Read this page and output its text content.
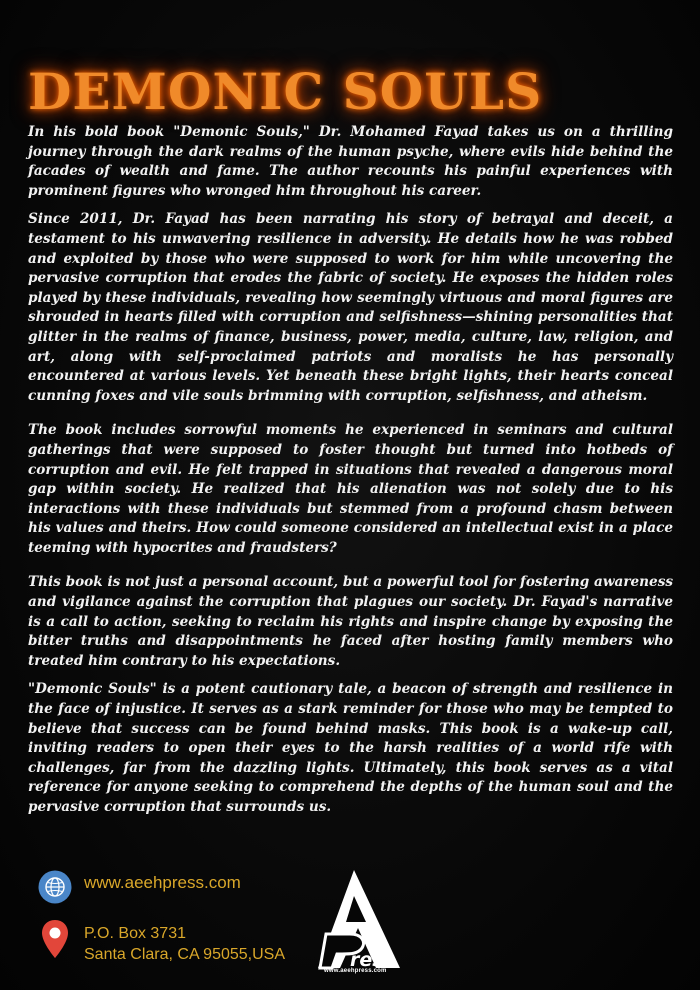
DEMONIC SOULS

In his bold book "Demonic Souls," Dr. Mohamed Fayad takes us on a thrilling journey through the dark realms of the human psyche, where evils hide behind the facades of wealth and fame. The author recounts his painful experiences with prominent figures who wronged him throughout his career.

Since 2011, Dr. Fayad has been narrating his story of betrayal and deceit, a testament to his unwavering resilience in adversity. He details how he was robbed and exploited by those who were supposed to work for him while uncovering the pervasive corruption that erodes the fabric of society. He exposes the hidden roles played by these individuals, revealing how seemingly virtuous and moral figures are shrouded in hearts filled with corruption and selfishness—shining personalities that glitter in the realms of finance, business, power, media, culture, law, religion, and art, along with self-proclaimed patriots and moralists he has personally encountered at various levels. Yet beneath these bright lights, their hearts conceal cunning foxes and vile souls brimming with corruption, selfishness, and atheism.

The book includes sorrowful moments he experienced in seminars and cultural gatherings that were supposed to foster thought but turned into hotbeds of corruption and evil. He felt trapped in situations that revealed a dangerous moral gap within society. He realized that his alienation was not solely due to his interactions with these individuals but stemmed from a profound chasm between his values and theirs. How could someone considered an intellectual exist in a place teeming with hypocrites and fraudsters?

This book is not just a personal account, but a powerful tool for fostering awareness and vigilance against the corruption that plagues our society. Dr. Fayad's narrative is a call to action, seeking to reclaim his rights and inspire change by exposing the bitter truths and disappointments he faced after hosting family members who treated him contrary to his expectations.

"Demonic Souls" is a potent cautionary tale, a beacon of strength and resilience in the face of injustice. It serves as a stark reminder for those who may be tempted to believe that success can be found behind masks. This book is a wake-up call, inviting readers to open their eyes to the harsh realities of a world rife with challenges, far from the dazzling lights. Ultimately, this book serves as a vital reference for anyone seeking to comprehend the depths of the human soul and the pervasive corruption that surrounds us.

www.aeehpress.com
P.O. Box 3731
Santa Clara, CA 95055,USA	ress
www.aeehpress.com
